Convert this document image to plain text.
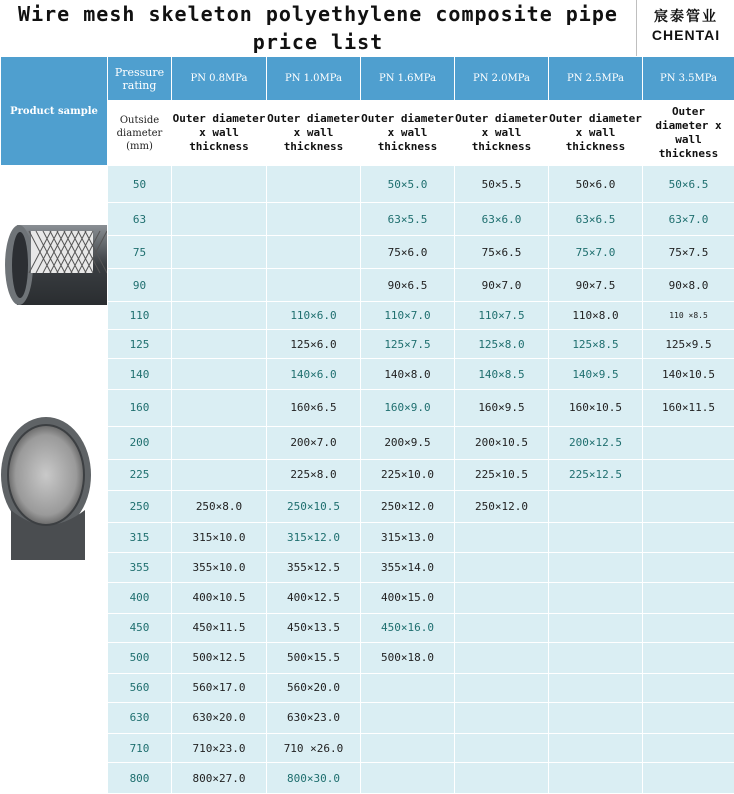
Wire mesh skeleton polyethylene composite pipe price list
宸泰管业
CHENTAI
Product sample	Pressure rating	PN 0.8MPa	PN 1.0MPa	PN 1.6MPa	PN 2.0MPa	PN 2.5MPa	PN 3.5MPa
	Outside diameter (mm)	Outer diameter x wall thickness	Outer diameter x wall thickness	Outer diameter x wall thickness	Outer diameter x wall thickness	Outer diameter x wall thickness	Outer diameter x wall thickness
	50			50×5.0	50×5.5	50×6.0	50×6.5
	63			63×5.5	63×6.0	63×6.5	63×7.0
	75			75×6.0	75×6.5	75×7.0	75×7.5
	90			90×6.5	90×7.0	90×7.5	90×8.0
	110		110×6.0	110×7.0	110×7.5	110×8.0	110 ×8.5
	125		125×6.0	125×7.5	125×8.0	125×8.5	125×9.5
	140		140×6.0	140×8.0	140×8.5	140×9.5	140×10.5
	160		160×6.5	160×9.0	160×9.5	160×10.5	160×11.5
	200		200×7.0	200×9.5	200×10.5	200×12.5	
	225		225×8.0	225×10.0	225×10.5	225×12.5	
	250	250×8.0	250×10.5	250×12.0	250×12.0		
	315	315×10.0	315×12.0	315×13.0			
	355	355×10.0	355×12.5	355×14.0			
	400	400×10.5	400×12.5	400×15.0			
	450	450×11.5	450×13.5	450×16.0			
	500	500×12.5	500×15.5	500×18.0			
	560	560×17.0	560×20.0				
	630	630×20.0	630×23.0				
	710	710×23.0	710 ×26.0				
	800	800×27.0	800×30.0				
